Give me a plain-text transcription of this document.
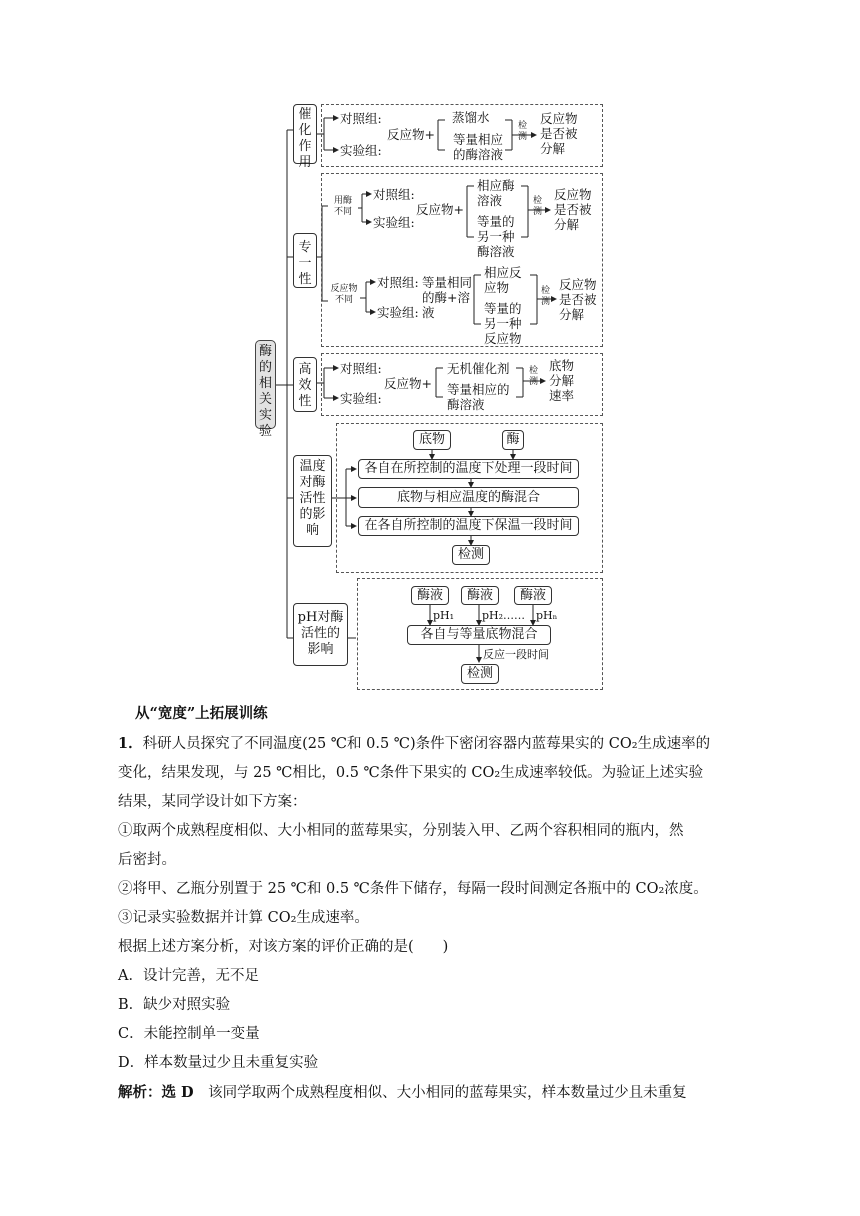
酶的相关实验
催化作用
专一性
高效性
温度对酶活性的影响
pH对酶活性的影响
对照组:
实验组:
反应物+
蒸馏水
等量相应的酶溶液
检测
反应物是否被分解
用酶不同
对照组:
实验组:
反应物+
相应酶溶液
等量的另一种酶溶液
检测
反应物是否被分解
反应物不同
对照组:
实验组:
等量相同的酶+溶液
相应反应物
等量的另一种反应物
检测
反应物是否被分解
对照组:
实验组:
反应物+
无机催化剂
等量相应的酶溶液
检测
底物分解速率
底物	酶
各自在所控制的温度下处理一段时间
底物与相应温度的酶混合
在各自所控制的温度下保温一段时间
检测
酶液	酶液	酶液
pH₁	pH₂…… pHₙ
各自与等量底物混合
反应一段时间
检测
从“宽度”上拓展训练
1．科研人员探究了不同温度(25 ℃和 0.5 ℃)条件下密闭容器内蓝莓果实的 CO₂生成速率的
变化，结果发现，与 25 ℃相比，0.5 ℃条件下果实的 CO₂生成速率较低。为验证上述实验
结果，某同学设计如下方案：
①取两个成熟程度相似、大小相同的蓝莓果实，分别装入甲、乙两个容积相同的瓶内，然
后密封。
②将甲、乙瓶分别置于 25 ℃和 0.5 ℃条件下储存，每隔一段时间测定各瓶中的 CO₂浓度。
③记录实验数据并计算 CO₂生成速率。
根据上述方案分析，对该方案的评价正确的是(　　)
A．设计完善，无不足
B．缺少对照实验
C．未能控制单一变量
D．样本数量过少且未重复实验
解析：选 D　 该同学取两个成熟程度相似、大小相同的蓝莓果实，样本数量过少且未重复
